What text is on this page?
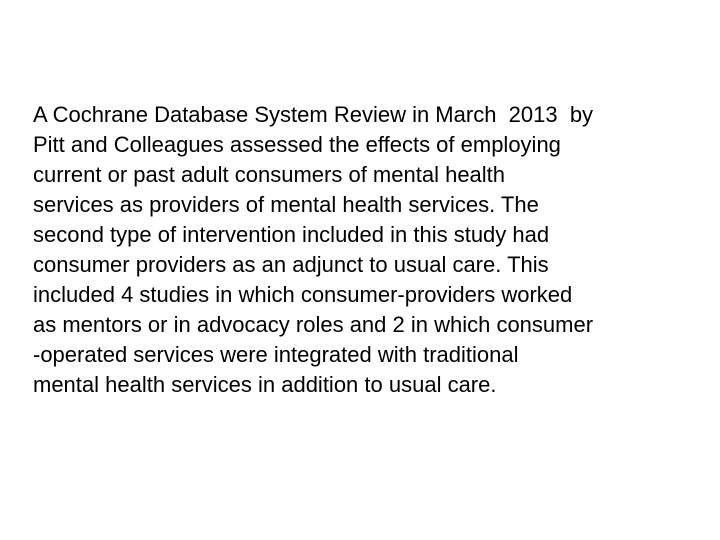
A Cochrane Database System Review in March  2013  by
Pitt and Colleagues assessed the effects of employing
current or past adult consumers of mental health
services as providers of mental health services. The
second type of intervention included in this study had
consumer providers as an adjunct to usual care. This
included 4 studies in which consumer-providers worked
as mentors or in advocacy roles and 2 in which consumer
-operated services were integrated with traditional
mental health services in addition to usual care.
